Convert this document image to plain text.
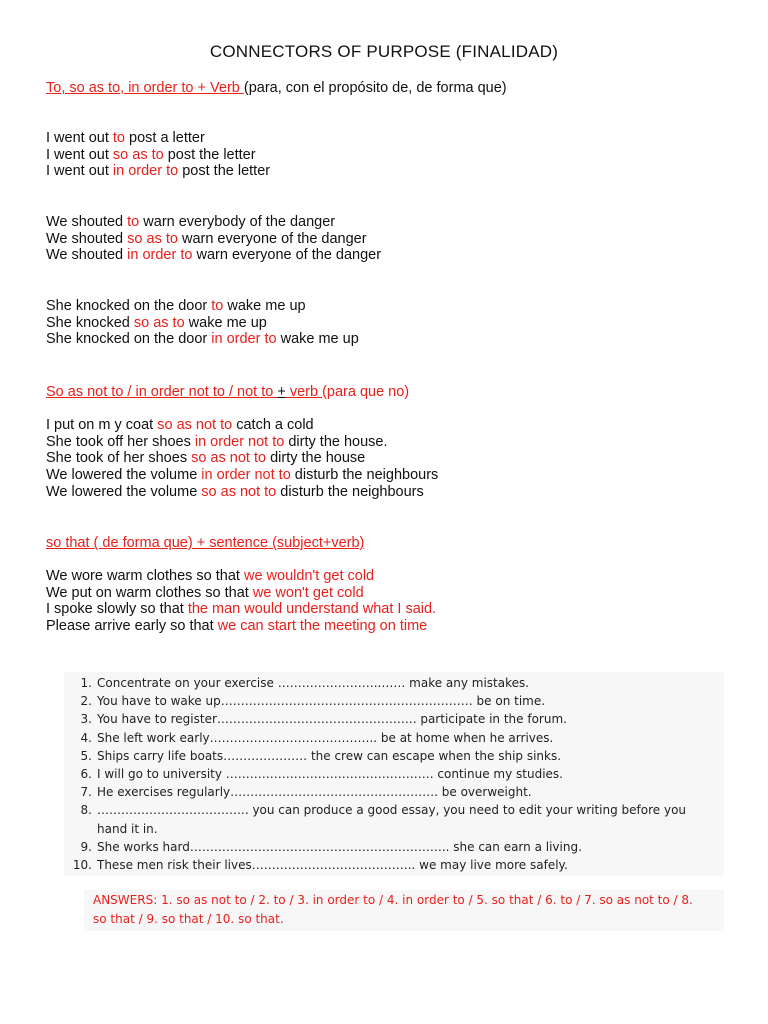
CONNECTORS OF PURPOSE (FINALIDAD)
To, so as to, in order to + Verb (para, con el propósito de, de forma que)
I went out to post a letter
I went out so as to post the letter
I went out in order to post the letter
We shouted to warn everybody of the danger
We shouted so as to warn everyone of the danger
We shouted in order to warn everyone of the danger
She knocked on the door to wake me up
She knocked so as to wake me up
She knocked on the door in order to wake me up
So as not to / in order not to / not to + verb (para que no)
I put on m y coat so as not to catch a cold
She took off her shoes in order not to dirty the house.
She took of her shoes so as not to dirty the house
We lowered the volume in order not to disturb the neighbours
We lowered the volume so as not to disturb the neighbours
so that ( de forma que) + sentence (subject+verb)
We wore warm clothes so that we wouldn't get cold
We put on warm clothes so that we won't get cold
I spoke slowly so that the man would understand what I said.
Please arrive early so that we can start the meeting on time
1. Concentrate on your exercise ……………………..…… make any mistakes.
2. You have to wake up……………………………………………………… be on time.
3. You have to register………………………………………….. participate in the forum.
4. She left work early………………………….……….. be at home when he arrives.
5. Ships carry life boats………………… the crew can escape when the ship sinks.
6. I will go to university ……………………………………………. continue my studies.
7. He exercises regularly……………………………………………. be overweight.
8. ……………………………….. you can produce a good essay, you need to edit your writing before you hand it in.
9. She works hard……………………………………………………….. she can earn a living.
10. These men risk their lives………………………………….. we may live more safely.
ANSWERS: 1. so as not to / 2. to / 3. in order to / 4. in order to / 5. so that / 6. to / 7. so as not to / 8. so that / 9. so that / 10. so that.
